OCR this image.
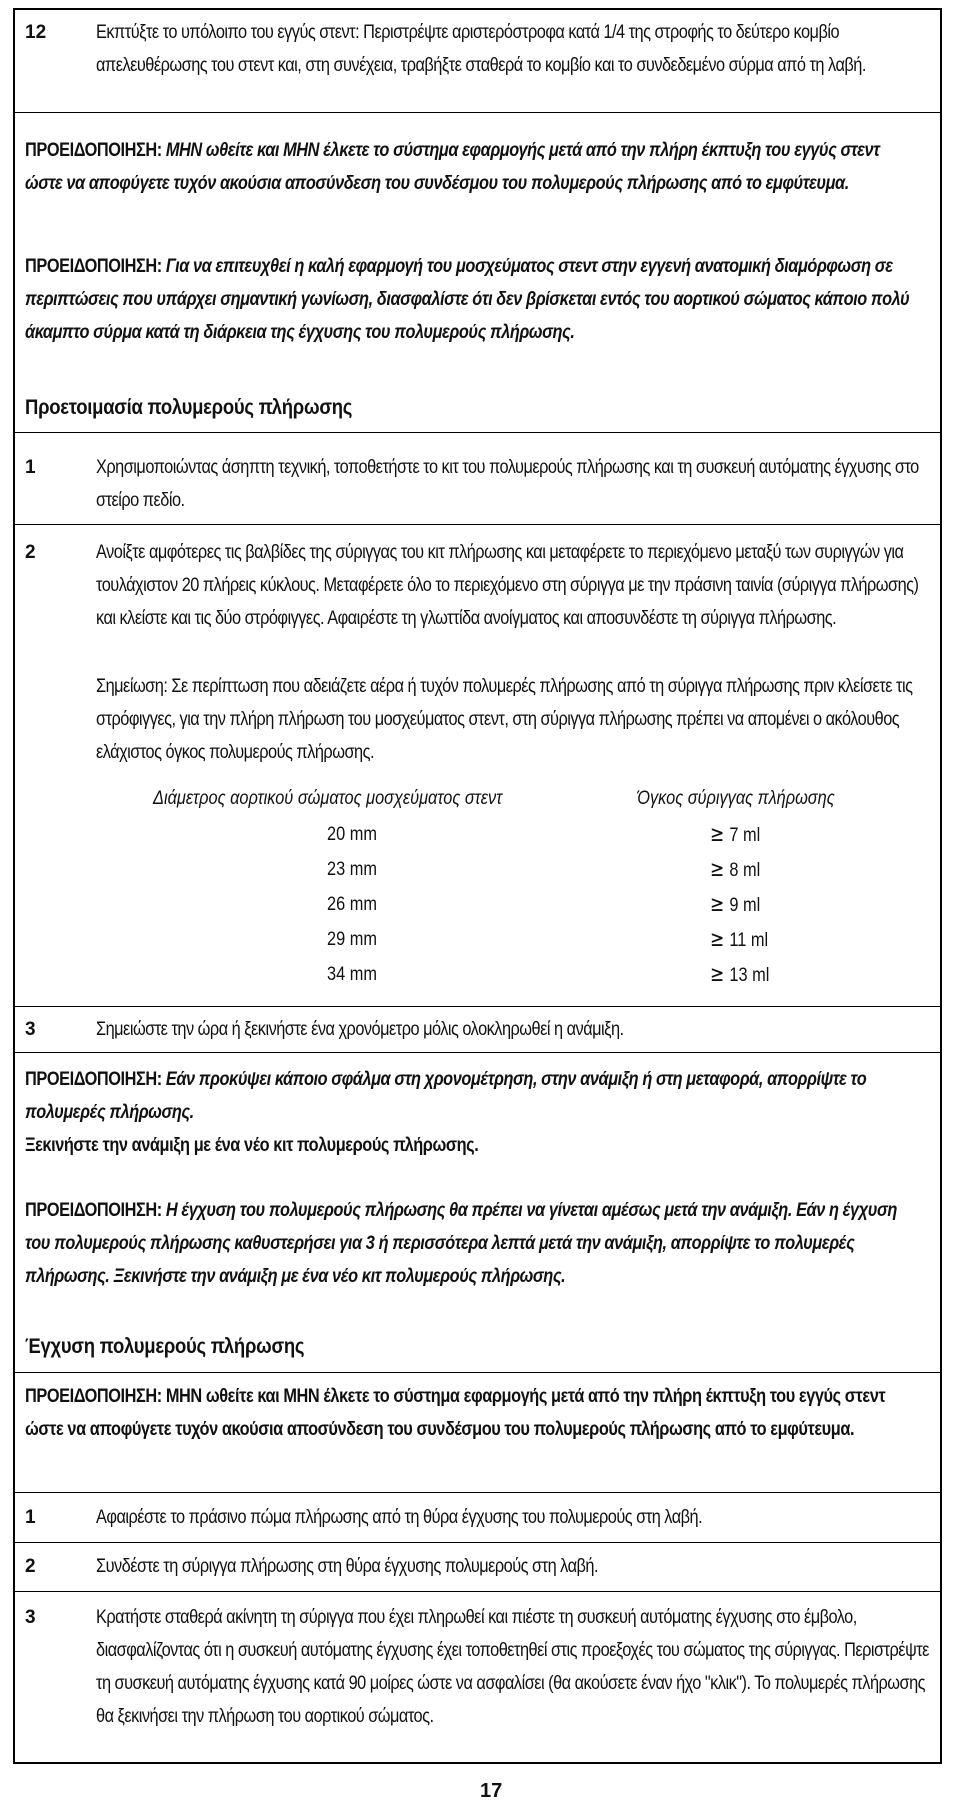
12	Εκπτύξτε το υπόλοιπο του εγγύς στεντ: Περιστρέψτε αριστερόστροφα κατά 1/4 της στροφής το δεύτερο κομβίο απελευθέρωσης του στεντ και, στη συνέχεια, τραβήξτε σταθερά το κομβίο και το συνδεδεμένο σύρμα από τη λαβή.
ΠΡΟΕΙΔΟΠΟΙΗΣΗ: ΜΗΝ ωθείτε και ΜΗΝ έλκετε το σύστημα εφαρμογής μετά από την πλήρη έκπτυξη του εγγύς στεντ ώστε να αποφύγετε τυχόν ακούσια αποσύνδεση του συνδέσμου του πολυμερούς πλήρωσης από το εμφύτευμα.
ΠΡΟΕΙΔΟΠΟΙΗΣΗ: Για να επιτευχθεί η καλή εφαρμογή του μοσχεύματος στεντ στην εγγενή ανατομική διαμόρφωση σε περιπτώσεις που υπάρχει σημαντική γωνίωση, διασφαλίστε ότι δεν βρίσκεται εντός του αορτικού σώματος κάποιο πολύ άκαμπτο σύρμα κατά τη διάρκεια της έγχυσης του πολυμερούς πλήρωσης.
Προετοιμασία πολυμερούς πλήρωσης
1	Χρησιμοποιώντας άσηπτη τεχνική, τοποθετήστε το κιτ του πολυμερούς πλήρωσης και τη συσκευή αυτόματης έγχυσης στο στείρο πεδίο.
2	Ανοίξτε αμφότερες τις βαλβίδες της σύριγγας του κιτ πλήρωσης και μεταφέρετε το περιεχόμενο μεταξύ των συριγγών για τουλάχιστον 20 πλήρεις κύκλους. Μεταφέρετε όλο το περιεχόμενο στη σύριγγα με την πράσινη ταινία (σύριγγα πλήρωσης) και κλείστε και τις δύο στρόφιγγες. Αφαιρέστε τη γλωττίδα ανοίγματος και αποσυνδέστε τη σύριγγα πλήρωσης.
Σημείωση: Σε περίπτωση που αδειάζετε αέρα ή τυχόν πολυμερές πλήρωσης από τη σύριγγα πλήρωσης πριν κλείσετε τις στρόφιγγες, για την πλήρη πλήρωση του μοσχεύματος στεντ, στη σύριγγα πλήρωσης πρέπει να απομένει ο ακόλουθος ελάχιστος όγκος πολυμερούς πλήρωσης.
Διάμετρος αορτικού σώματος μοσχεύματος στεντ	Όγκος σύριγγας πλήρωσης
20 mm	≥ 7 ml
23 mm	≥ 8 ml
26 mm	≥ 9 ml
29 mm	≥ 11 ml
34 mm	≥ 13 ml
3	Σημειώστε την ώρα ή ξεκινήστε ένα χρονόμετρο μόλις ολοκληρωθεί η ανάμιξη.
ΠΡΟΕΙΔΟΠΟΙΗΣΗ: Εάν προκύψει κάποιο σφάλμα στη χρονομέτρηση, στην ανάμιξη ή στη μεταφορά, απορρίψτε το πολυμερές πλήρωσης.
Ξεκινήστε την ανάμιξη με ένα νέο κιτ πολυμερούς πλήρωσης.
ΠΡΟΕΙΔΟΠΟΙΗΣΗ: Η έγχυση του πολυμερούς πλήρωσης θα πρέπει να γίνεται αμέσως μετά την ανάμιξη. Εάν η έγχυση του πολυμερούς πλήρωσης καθυστερήσει για 3 ή περισσότερα λεπτά μετά την ανάμιξη, απορρίψτε το πολυμερές πλήρωσης. Ξεκινήστε την ανάμιξη με ένα νέο κιτ πολυμερούς πλήρωσης.
Έγχυση πολυμερούς πλήρωσης
ΠΡΟΕΙΔΟΠΟΙΗΣΗ: ΜΗΝ ωθείτε και ΜΗΝ έλκετε το σύστημα εφαρμογής μετά από την πλήρη έκπτυξη του εγγύς στεντ ώστε να αποφύγετε τυχόν ακούσια αποσύνδεση του συνδέσμου του πολυμερούς πλήρωσης από το εμφύτευμα.
1	Αφαιρέστε το πράσινο πώμα πλήρωσης από τη θύρα έγχυσης του πολυμερούς στη λαβή.
2	Συνδέστε τη σύριγγα πλήρωσης στη θύρα έγχυσης πολυμερούς στη λαβή.
3	Κρατήστε σταθερά ακίνητη τη σύριγγα που έχει πληρωθεί και πιέστε τη συσκευή αυτόματης έγχυσης στο έμβολο, διασφαλίζοντας ότι η συσκευή αυτόματης έγχυσης έχει τοποθετηθεί στις προεξοχές του σώματος της σύριγγας. Περιστρέψτε τη συσκευή αυτόματης έγχυσης κατά 90 μοίρες ώστε να ασφαλίσει (θα ακούσετε έναν ήχο "κλικ"). Το πολυμερές πλήρωσης θα ξεκινήσει την πλήρωση του αορτικού σώματος.
17
